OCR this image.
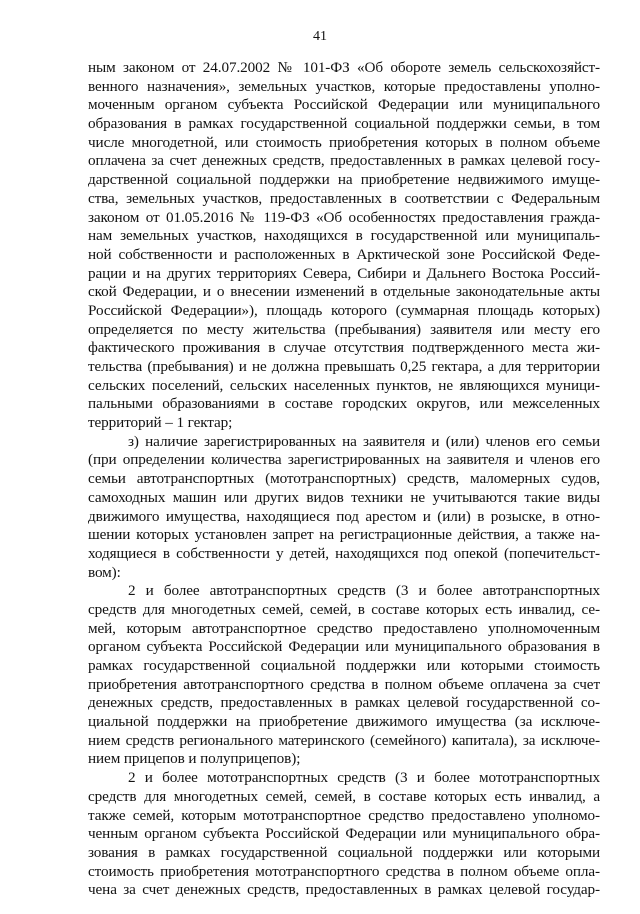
41
ным законом от 24.07.2002 № 101-ФЗ «Об обороте земель сельскохозяйст-
венного назначения», земельных участков, которые предоставлены уполно-
моченным органом субъекта Российской Федерации или муниципального
образования в рамках государственной социальной поддержки семьи, в том
числе многодетной, или стоимость приобретения которых в полном объеме
оплачена за счет денежных средств, предоставленных в рамках целевой госу-
дарственной социальной поддержки на приобретение недвижимого имуще-
ства, земельных участков, предоставленных в соответствии с Федеральным
законом от 01.05.2016 № 119-ФЗ «Об особенностях предоставления гражда-
нам земельных участков, находящихся в государственной или муниципаль-
ной собственности и расположенных в Арктической зоне Российской Феде-
рации и на других территориях Севера, Сибири и Дальнего Востока Россий-
ской Федерации, и о внесении изменений в отдельные законодательные акты
Российской Федерации»), площадь которого (суммарная площадь которых)
определяется по месту жительства (пребывания) заявителя или месту его
фактического проживания в случае отсутствия подтвержденного места жи-
тельства (пребывания) и не должна превышать 0,25 гектара, а для территории
сельских поселений, сельских населенных пунктов, не являющихся муници-
пальными образованиями в составе городских округов, или межселенных
территорий – 1 гектар;
з) наличие зарегистрированных на заявителя и (или) членов его семьи
(при определении количества зарегистрированных на заявителя и членов его
семьи автотранспортных (мототранспортных) средств, маломерных судов,
самоходных машин или других видов техники не учитываются такие виды
движимого имущества, находящиеся под арестом и (или) в розыске, в отно-
шении которых установлен запрет на регистрационные действия, а также на-
ходящиеся в собственности у детей, находящихся под опекой (попечительст-
вом):
2 и более автотранспортных средств (3 и более автотранспортных
средств для многодетных семей, семей, в составе которых есть инвалид, се-
мей, которым автотранспортное средство предоставлено уполномоченным
органом субъекта Российской Федерации или муниципального образования в
рамках государственной социальной поддержки или которыми стоимость
приобретения автотранспортного средства в полном объеме оплачена за счет
денежных средств, предоставленных в рамках целевой государственной со-
циальной поддержки на приобретение движимого имущества (за исключе-
нием средств регионального материнского (семейного) капитала), за исключе-
нием прицепов и полуприцепов);
2 и более мототранспортных средств (3 и более мототранспортных
средств для многодетных семей, семей, в составе которых есть инвалид, а
также семей, которым мототранспортное средство предоставлено уполномо-
ченным органом субъекта Российской Федерации или муниципального обра-
зования в рамках государственной социальной поддержки или которыми
стоимость приобретения мототранспортного средства в полном объеме опла-
чена за счет денежных средств, предоставленных в рамках целевой государ-
